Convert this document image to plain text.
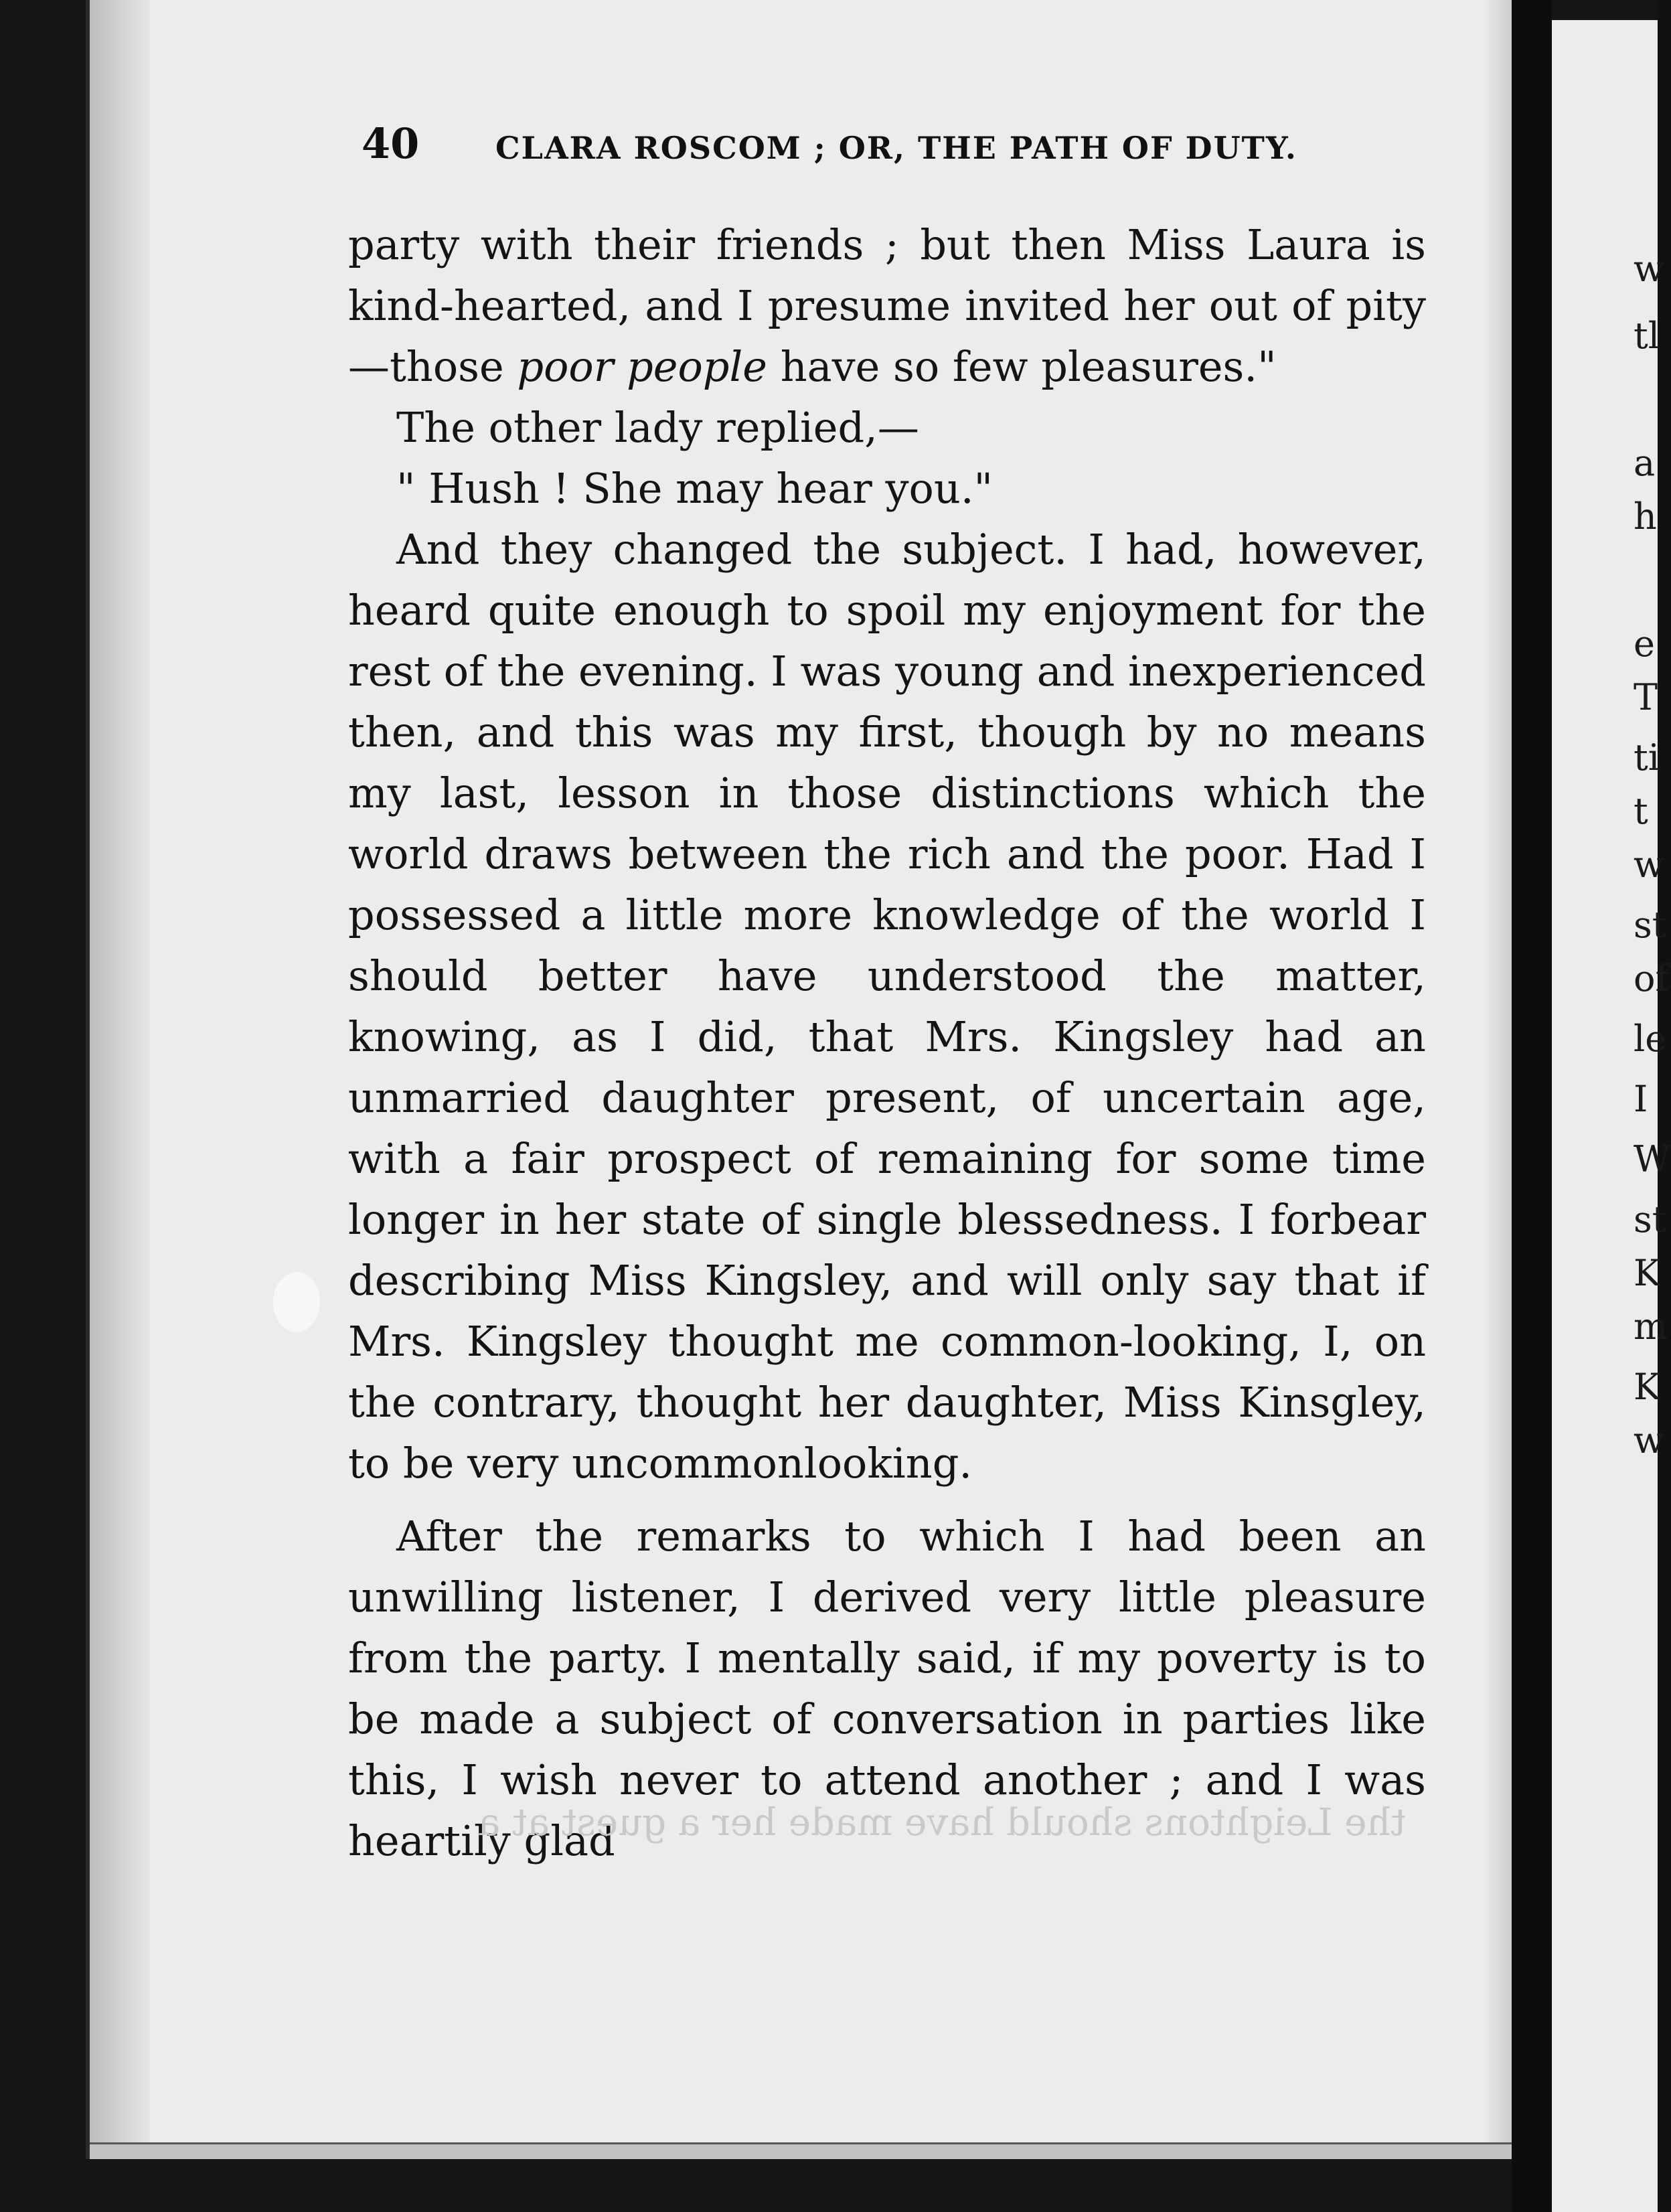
40 CLARA ROSCOM ; OR, THE PATH OF DUTY.

party with their friends ; but then Miss Laura is kind-hearted, and I presume invited her out of pity —those poor people have so few pleasures."

The other lady replied,—

" Hush ! She may hear you."

And they changed the subject. I had, however, heard quite enough to spoil my enjoyment for the rest of the evening. I was young and inexperienced then, and this was my first, though by no means my last, lesson in those distinctions which the world draws between the rich and the poor. Had I possessed a little more knowledge of the world I should better have understood the matter, knowing, as I did, that Mrs. Kingsley had an unmarried daughter present, of uncertain age, with a fair prospect of remaining for some time longer in her state of single blessedness. I forbear describing Miss Kingsley, and will only say that if Mrs. Kingsley thought me common-looking, I, on the contrary, thought her daughter, Miss Kinsgley, to be very uncommonlooking.

After the remarks to which I had been an unwilling listener, I derived very little pleasure from the party. I mentally said, if my poverty is to be made a subject of conversation in parties like this, I wish never to attend another ; and I was heartily glad

the Leightons should have made her a guest at a
w
tl
a
h
e
T
ti
t
w
st
of
le
I
W
st
K
m
K
w
